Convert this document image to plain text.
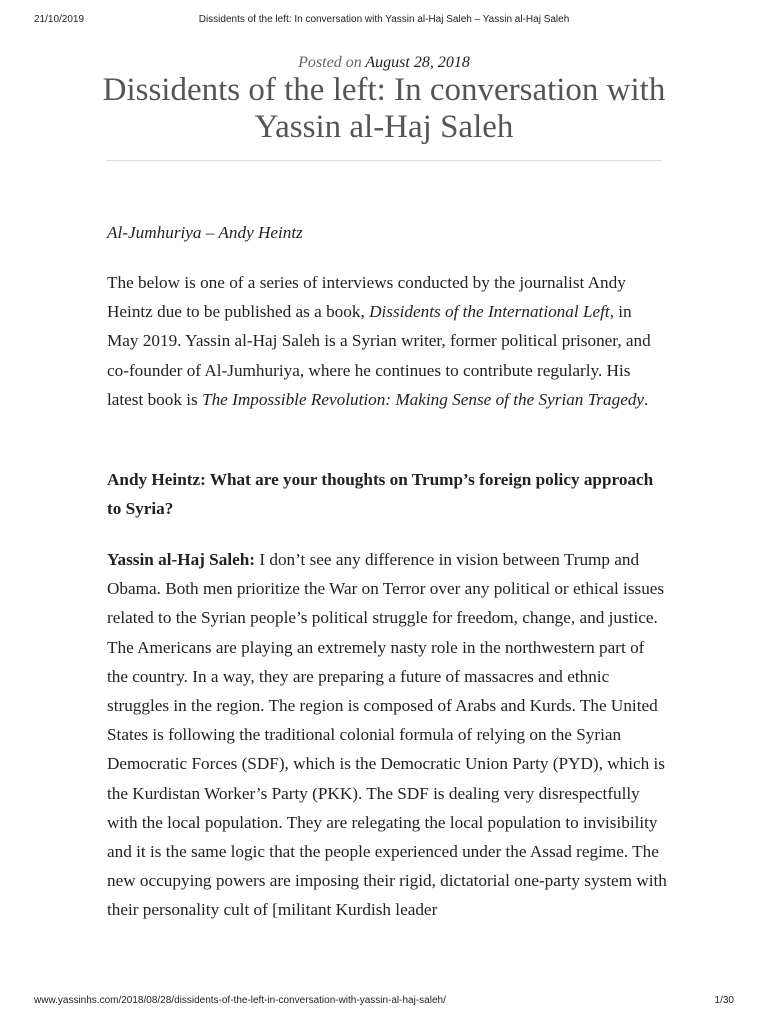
21/10/2019	Dissidents of the left: In conversation with Yassin al-Haj Saleh – Yassin al-Haj Saleh
Posted on August 28, 2018
Dissidents of the left: In conversation with Yassin al-Haj Saleh

Al-Jumhuriya – Andy Heintz

The below is one of a series of interviews conducted by the journalist Andy Heintz due to be published as a book, Dissidents of the International Left, in May 2019. Yassin al-Haj Saleh is a Syrian writer, former political prisoner, and co-founder of Al-Jumhuriya, where he continues to contribute regularly. His latest book is The Impossible Revolution: Making Sense of the Syrian Tragedy.

Andy Heintz: What are your thoughts on Trump’s foreign policy approach to Syria?

Yassin al-Haj Saleh: I don’t see any difference in vision between Trump and Obama. Both men prioritize the War on Terror over any political or ethical issues related to the Syrian people’s political struggle for freedom, change, and justice. The Americans are playing an extremely nasty role in the northwestern part of the country. In a way, they are preparing a future of massacres and ethnic struggles in the region. The region is composed of Arabs and Kurds. The United States is following the traditional colonial formula of relying on the Syrian Democratic Forces (SDF), which is the Democratic Union Party (PYD), which is the Kurdistan Worker’s Party (PKK). The SDF is dealing very disrespectfully with the local population. They are relegating the local population to invisibility and it is the same logic that the people experienced under the Assad regime. The new occupying powers are imposing their rigid, dictatorial one-party system with their personality cult of [militant Kurdish leader

www.yassinhs.com/2018/08/28/dissidents-of-the-left-in-conversation-with-yassin-al-haj-saleh/	1/30
